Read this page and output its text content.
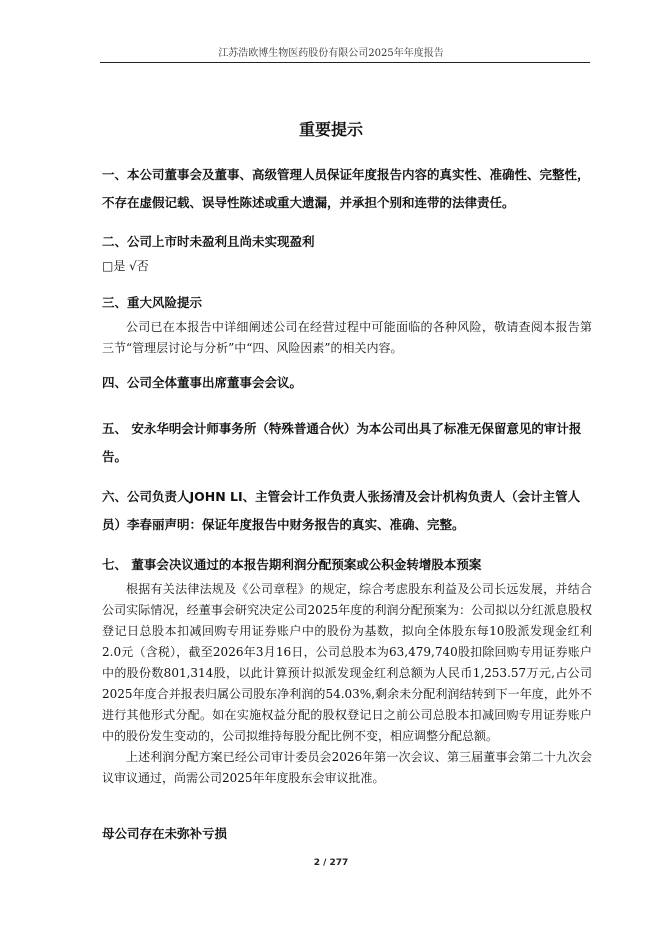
江苏浩欧博生物医药股份有限公司2025年年度报告
重要提示

一、本公司董事会及董事、高级管理人员保证年度报告内容的真实性、准确性、完整性，不存在虚假记载、误导性陈述或重大遗漏，并承担个别和连带的法律责任。

二、公司上市时未盈利且尚未实现盈利

□是 √否

三、重大风险提示

公司已在本报告中详细阐述公司在经营过程中可能面临的各种风险，敬请查阅本报告第三节“管理层讨论与分析”中“四、风险因素”的相关内容。

四、公司全体董事出席董事会会议。

五、 安永华明会计师事务所（特殊普通合伙）为本公司出具了标准无保留意见的审计报告。

六、公司负责人JOHN LI、主管会计工作负责人张扬清及会计机构负责人（会计主管人员）李春丽声明：保证年度报告中财务报告的真实、准确、完整。

七、 董事会决议通过的本报告期利润分配预案或公积金转增股本预案

根据有关法律法规及《公司章程》的规定，综合考虑股东利益及公司长远发展，并结合公司实际情况，经董事会研究决定公司2025年度的利润分配预案为：公司拟以分红派息股权登记日总股本扣减回购专用证券账户中的股份为基数，拟向全体股东每10股派发现金红利2.0元（含税），截至2026年3月16日，公司总股本为63,479,740股扣除回购专用证券账户中的股份数801,314股，以此计算预计拟派发现金红利总额为人民币1,253.57万元,占公司2025年度合并报表归属公司股东净利润的54.03%,剩余未分配利润结转到下一年度，此外不进行其他形式分配。如在实施权益分配的股权登记日之前公司总股本扣减回购专用证券账户中的股份发生变动的，公司拟维持每股分配比例不变，相应调整分配总额。

上述利润分配方案已经公司审计委员会2026年第一次会议、第三届董事会第二十九次会议审议通过，尚需公司2025年年度股东会审议批准。

母公司存在未弥补亏损

2 / 277
